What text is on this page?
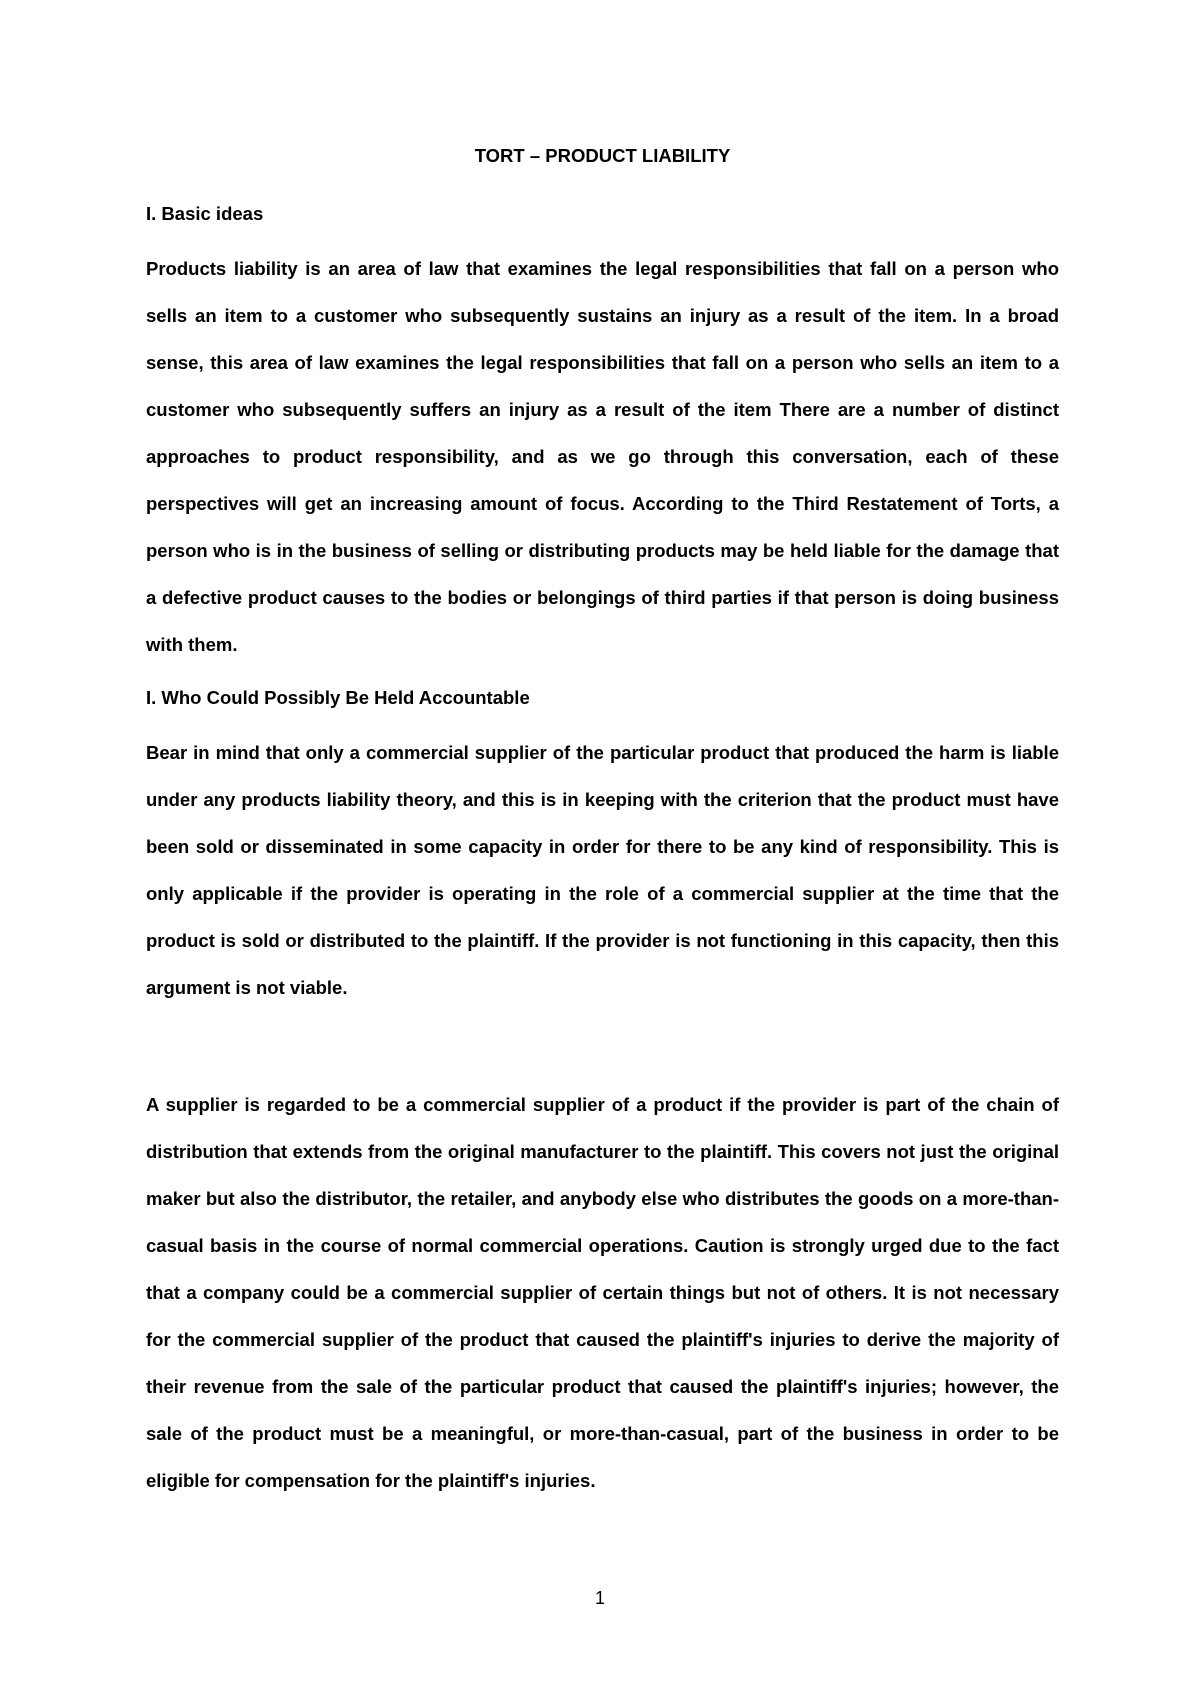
TORT – PRODUCT LIABILITY
I. Basic ideas

Products liability is an area of law that examines the legal responsibilities that fall on a person who sells an item to a customer who subsequently sustains an injury as a result of the item. In a broad sense, this area of law examines the legal responsibilities that fall on a person who sells an item to a customer who subsequently suffers an injury as a result of the item There are a number of distinct approaches to product responsibility, and as we go through this conversation, each of these perspectives will get an increasing amount of focus. According to the Third Restatement of Torts, a person who is in the business of selling or distributing products may be held liable for the damage that a defective product causes to the bodies or belongings of third parties if that person is doing business with them.

I. Who Could Possibly Be Held Accountable

Bear in mind that only a commercial supplier of the particular product that produced the harm is liable under any products liability theory, and this is in keeping with the criterion that the product must have been sold or disseminated in some capacity in order for there to be any kind of responsibility. This is only applicable if the provider is operating in the role of a commercial supplier at the time that the product is sold or distributed to the plaintiff. If the provider is not functioning in this capacity, then this argument is not viable.

A supplier is regarded to be a commercial supplier of a product if the provider is part of the chain of distribution that extends from the original manufacturer to the plaintiff. This covers not just the original maker but also the distributor, the retailer, and anybody else who distributes the goods on a more-than-casual basis in the course of normal commercial operations. Caution is strongly urged due to the fact that a company could be a commercial supplier of certain things but not of others. It is not necessary for the commercial supplier of the product that caused the plaintiff's injuries to derive the majority of their revenue from the sale of the particular product that caused the plaintiff's injuries; however, the sale of the product must be a meaningful, or more-than-casual, part of the business in order to be eligible for compensation for the plaintiff's injuries.

1
